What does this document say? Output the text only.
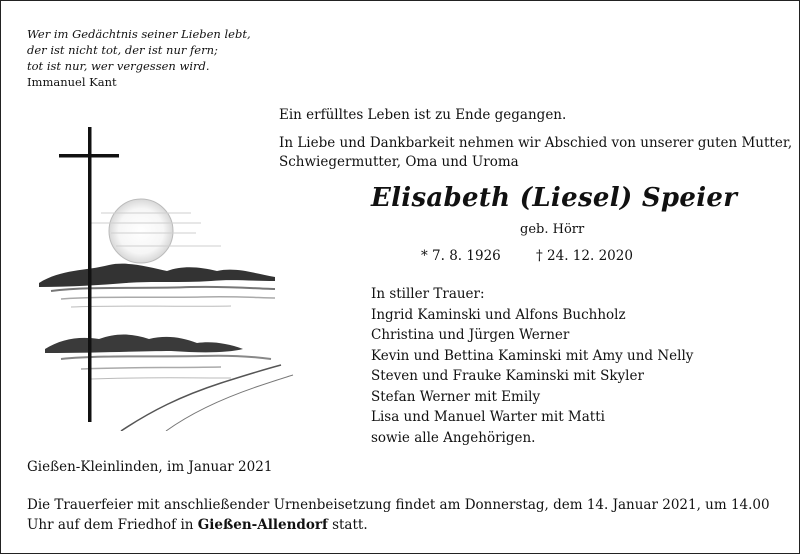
Wer im Gedächtnis seiner Lieben lebt,
der ist nicht tot, der ist nur fern;
tot ist nur, wer vergessen wird.
Immanuel Kant

Ein erfülltes Leben ist zu Ende gegangen.

In Liebe und Dankbarkeit nehmen wir Abschied von unserer guten Mutter,
Schwiegermutter, Oma und Uroma

Elisabeth (Liesel) Speier
geb. Hörr
* 7. 8. 1926	† 24. 12. 2020
In stiller Trauer:
Ingrid Kaminski und Alfons Buchholz
Christina und Jürgen Werner
Kevin und Bettina Kaminski mit Amy und Nelly
Steven und Frauke Kaminski mit Skyler
Stefan Werner mit Emily
Lisa und Manuel Warter mit Matti
sowie alle Angehörigen.
Gießen-Kleinlinden, im Januar 2021
Die Trauerfeier mit anschließender Urnenbeisetzung findet am Donnerstag, dem 14. Januar 2021, um 14.00 Uhr auf dem Friedhof in Gießen-Allendorf statt.
